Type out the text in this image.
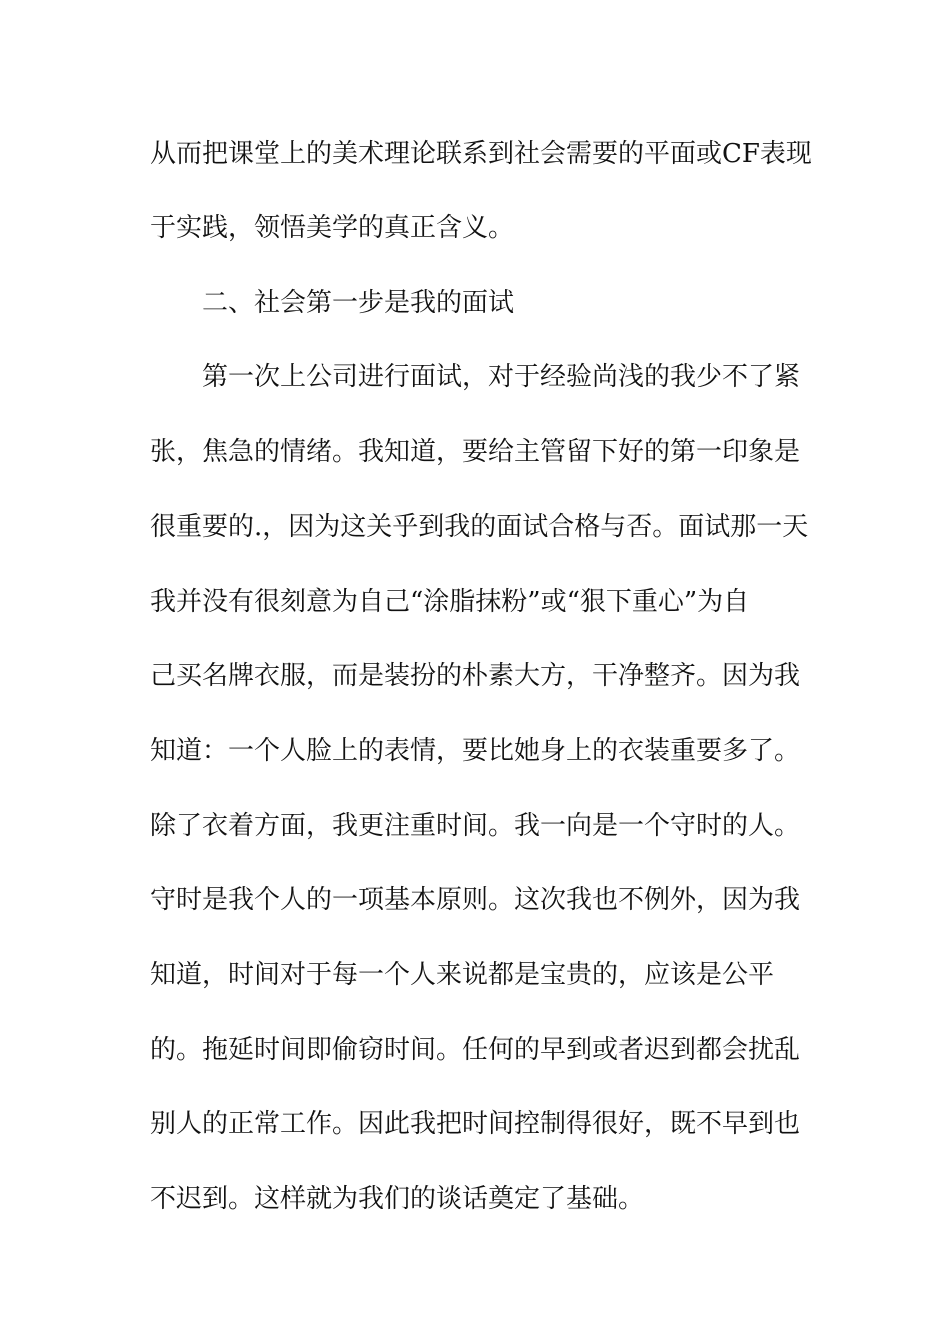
从而把课堂上的美术理论联系到社会需要的平面或CF表现
于实践，领悟美学的真正含义。
二、社会第一步是我的面试
第一次上公司进行面试，对于经验尚浅的我少不了紧
张，焦急的情绪。我知道，要给主管留下好的第一印象是
很重要的.，因为这关乎到我的面试合格与否。面试那一天
我并没有很刻意为自己“涂脂抹粉”或“狠下重心”为自
己买名牌衣服，而是装扮的朴素大方，干净整齐。因为我
知道：一个人脸上的表情，要比她身上的衣装重要多了。
除了衣着方面，我更注重时间。我一向是一个守时的人。
守时是我个人的一项基本原则。这次我也不例外，因为我
知道，时间对于每一个人来说都是宝贵的，应该是公平
的。拖延时间即偷窃时间。任何的早到或者迟到都会扰乱
别人的正常工作。因此我把时间控制得很好，既不早到也
不迟到。这样就为我们的谈话奠定了基础。
